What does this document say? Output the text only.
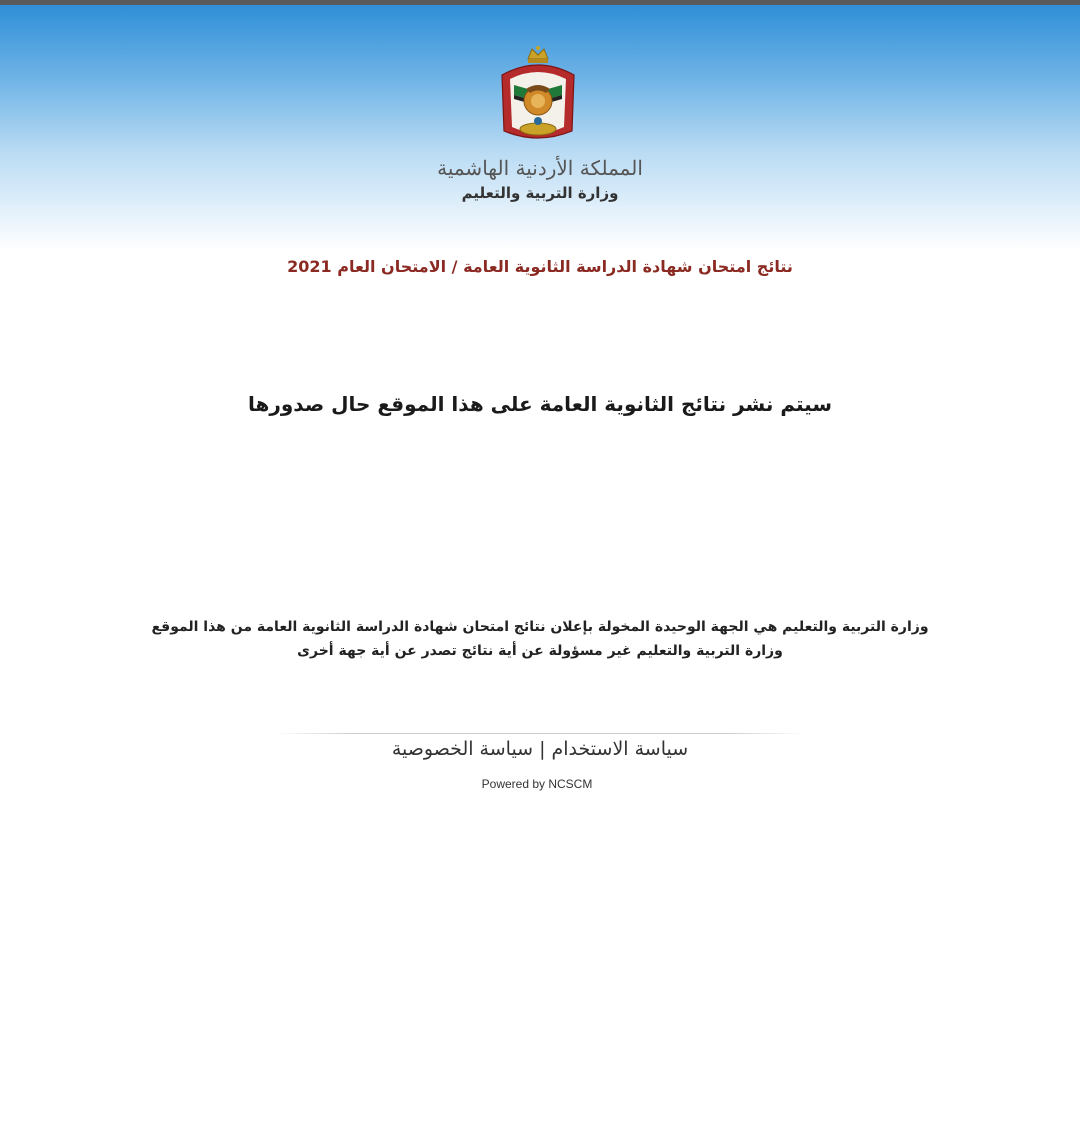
المملكة الأردنية الهاشمية
وزارة التربية والتعليم
نتائج امتحان شهادة الدراسة الثانوية العامة / الامتحان العام 2021
سيتم نشر نتائج الثانوية العامة على هذا الموقع حال صدورها
وزارة التربية والتعليم هي الجهة الوحيدة المخولة بإعلان نتائج امتحان شهادة الدراسة الثانوية العامة من هذا الموقع
وزارة التربية والتعليم غير مسؤولة عن أية نتائج تصدر عن أية جهة أخرى
سياسة الاستخدام|سياسة الخصوصية
Powered by NCSCM
